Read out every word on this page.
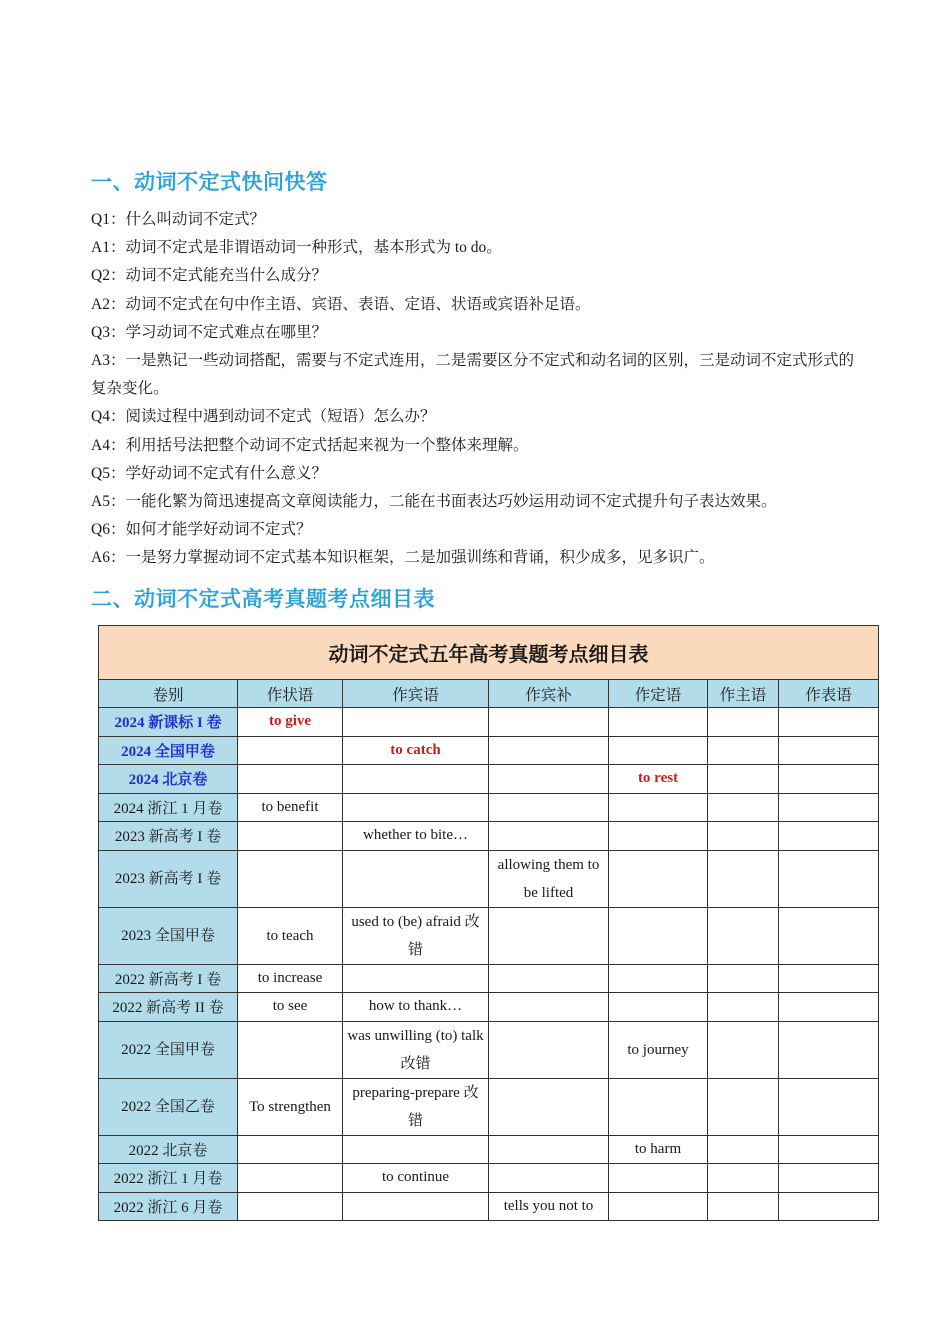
一、动词不定式快问快答

Q1：什么叫动词不定式？

A1：动词不定式是非谓语动词一种形式，基本形式为 to do。

Q2：动词不定式能充当什么成分？

A2：动词不定式在句中作主语、宾语、表语、定语、状语或宾语补足语。

Q3：学习动词不定式难点在哪里？

A3：一是熟记一些动词搭配，需要与不定式连用，二是需要区分不定式和动名词的区别，三是动词不定式形式的复杂变化。

Q4：阅读过程中遇到动词不定式（短语）怎么办？

A4：利用括号法把整个动词不定式括起来视为一个整体来理解。

Q5：学好动词不定式有什么意义？

A5：一能化繁为简迅速提高文章阅读能力，二能在书面表达巧妙运用动词不定式提升句子表达效果。

Q6：如何才能学好动词不定式？

A6：一是努力掌握动词不定式基本知识框架，二是加强训练和背诵，积少成多，见多识广。

二、动词不定式高考真题考点细目表
动词不定式五年高考真题考点细目表						
卷别	作状语	作宾语	作宾补	作定语	作主语	作表语
2024 新课标 I 卷	to give					
2024 全国甲卷		to catch				
2024 北京卷				to rest		
2024 浙江 1 月卷	to benefit					
2023 新高考 I 卷		whether to bite…				
2023 新高考 I 卷			allowing them to be lifted			
2023 全国甲卷	to teach	used to (be) afraid 改错				
2022 新高考 I 卷	to increase					
2022 新高考 II 卷	to see	how to thank…				
2022 全国甲卷		was unwilling (to) talk 改错		to journey		
2022 全国乙卷	To strengthen	preparing-prepare 改错				
2022 北京卷				to harm		
2022 浙江 1 月卷		to continue				
2022 浙江 6 月卷			tells you not to			
